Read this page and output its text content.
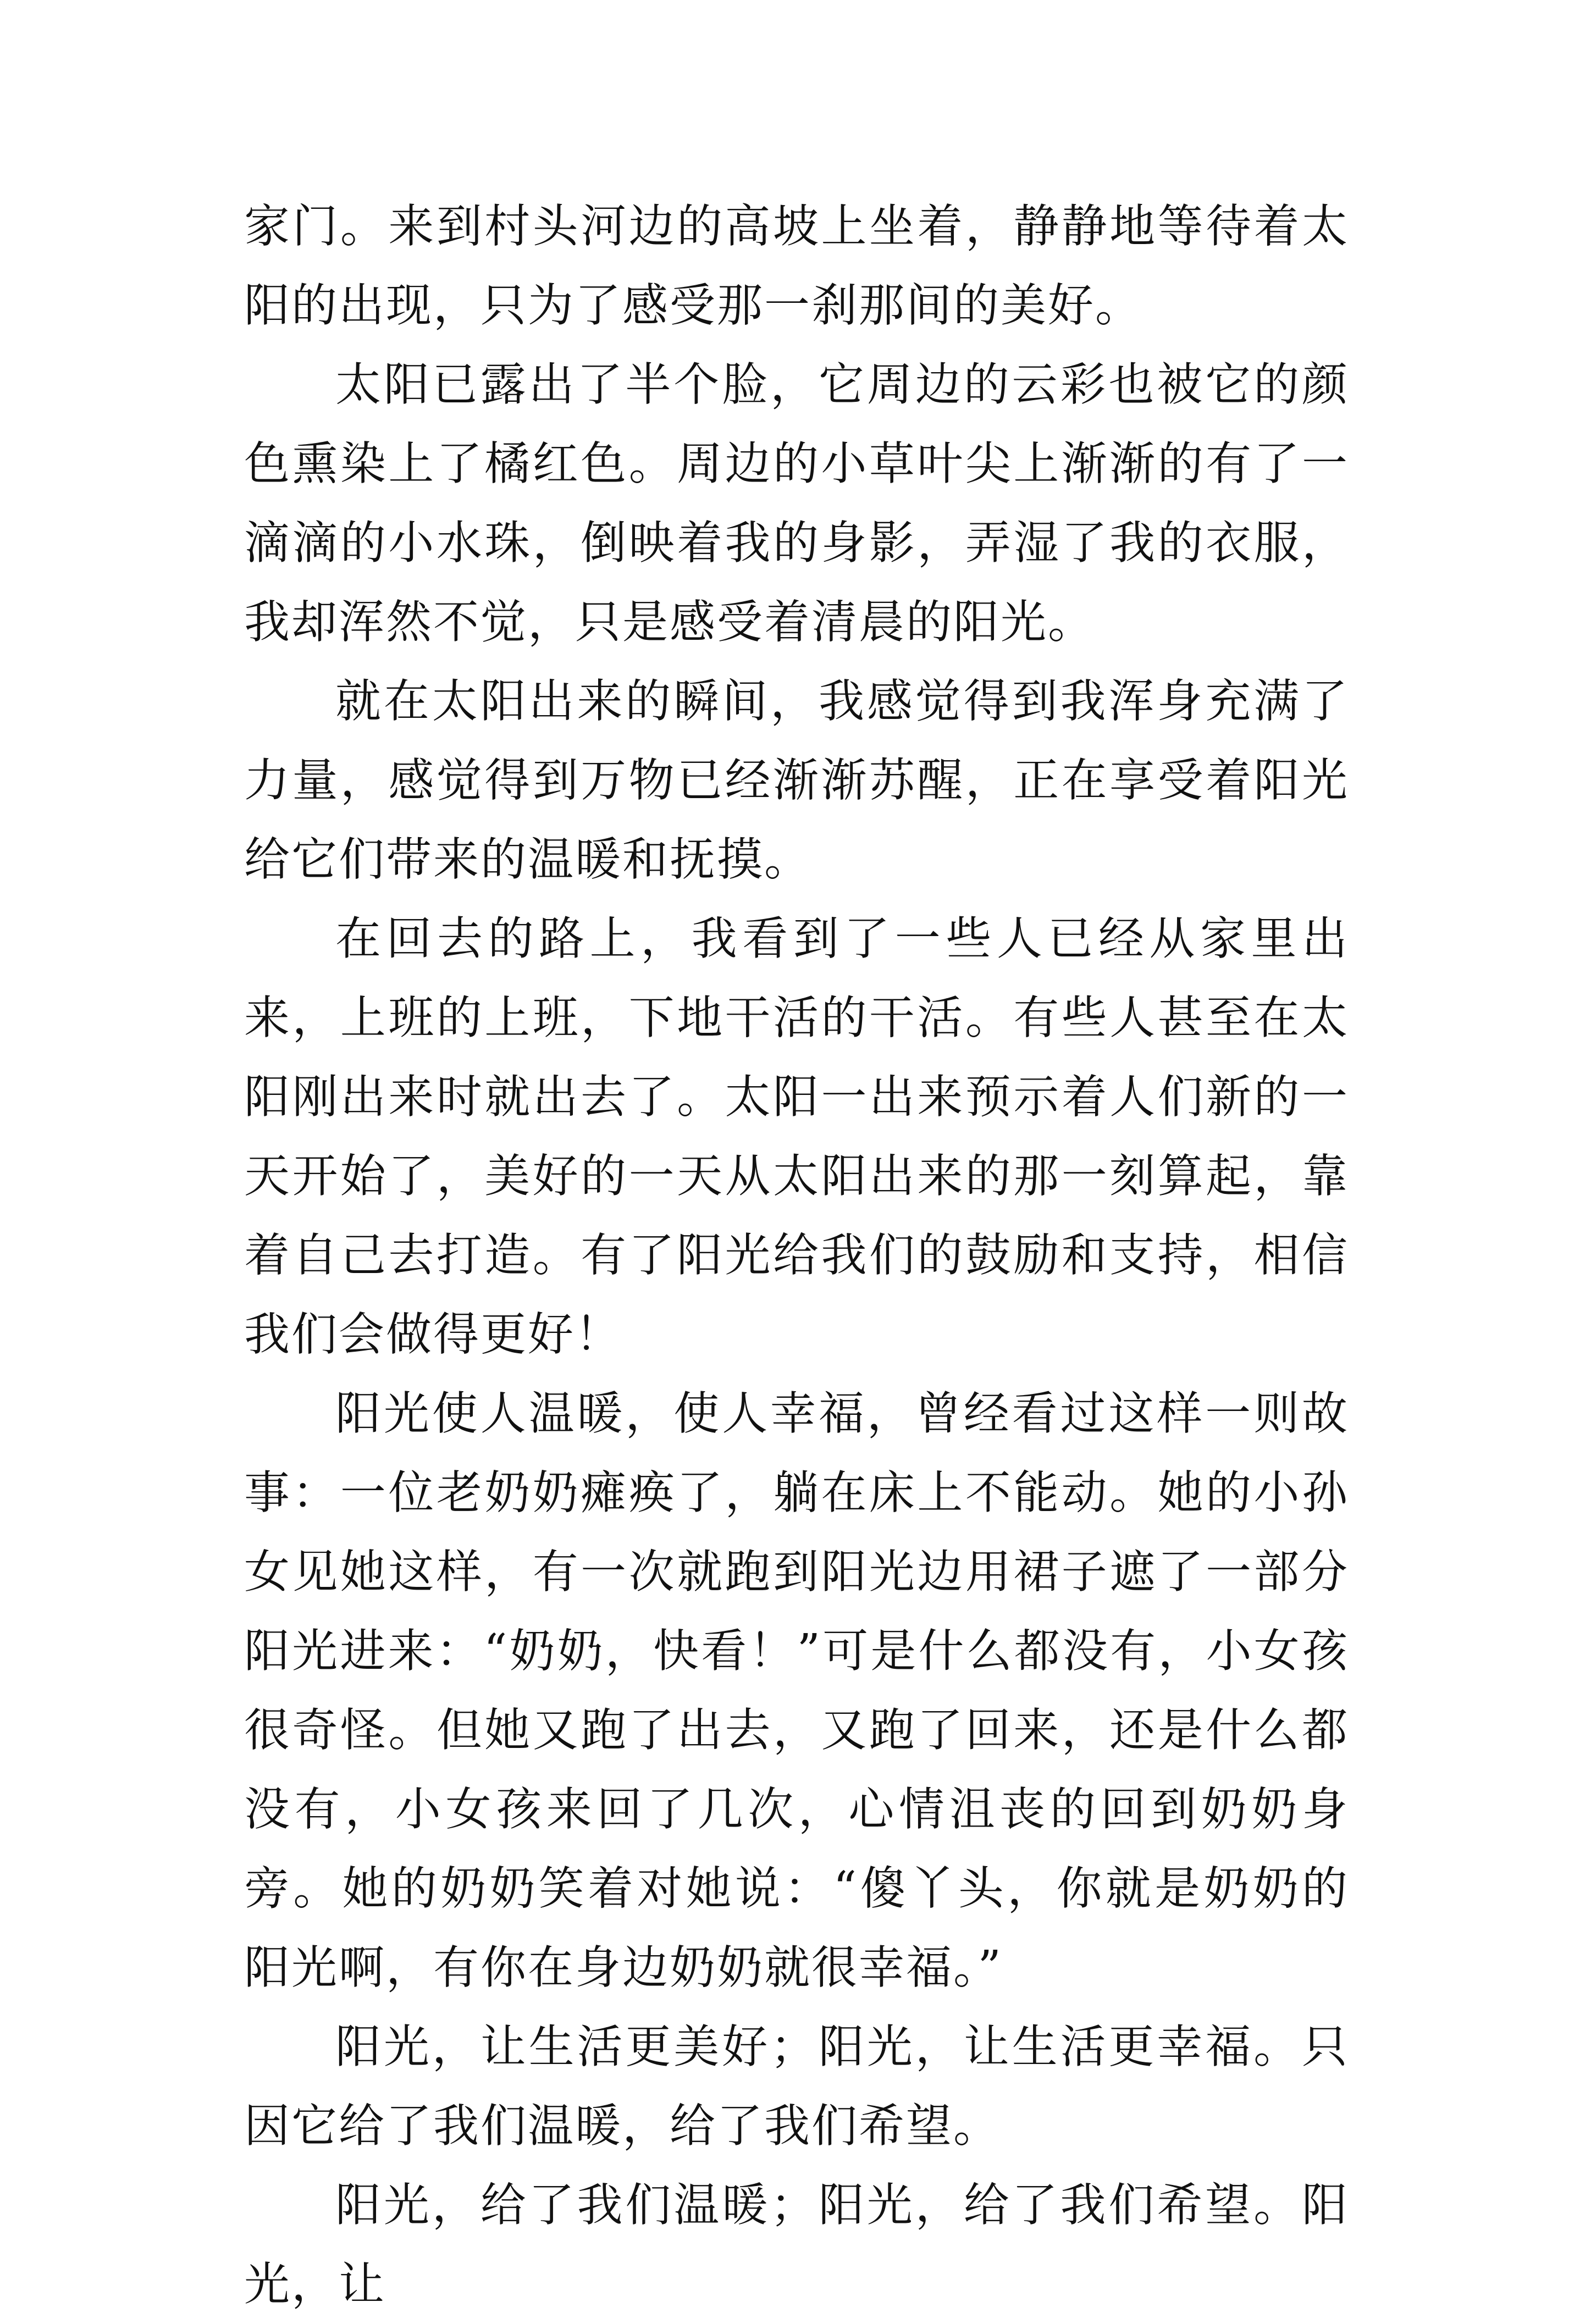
家门。来到村头河边的高坡上坐着，静静地等待着太阳的出现，只为了感受那一刹那间的美好。

太阳已露出了半个脸，它周边的云彩也被它的颜色熏染上了橘红色。周边的小草叶尖上渐渐的有了一滴滴的小水珠，倒映着我的身影，弄湿了我的衣服，我却浑然不觉，只是感受着清晨的阳光。

就在太阳出来的瞬间，我感觉得到我浑身充满了力量，感觉得到万物已经渐渐苏醒，正在享受着阳光给它们带来的温暖和抚摸。

在回去的路上，我看到了一些人已经从家里出来，上班的上班，下地干活的干活。有些人甚至在太阳刚出来时就出去了。太阳一出来预示着人们新的一天开始了，美好的一天从太阳出来的那一刻算起，靠着自己去打造。有了阳光给我们的鼓励和支持，相信我们会做得更好！

阳光使人温暖，使人幸福，曾经看过这样一则故事：一位老奶奶瘫痪了，躺在床上不能动。她的小孙女见她这样，有一次就跑到阳光边用裙子遮了一部分阳光进来：“奶奶，快看！”可是什么都没有，小女孩很奇怪。但她又跑了出去，又跑了回来，还是什么都没有，小女孩来回了几次，心情沮丧的回到奶奶身旁。她的奶奶笑着对她说：“傻丫头，你就是奶奶的阳光啊，有你在身边奶奶就很幸福。”

阳光，让生活更美好；阳光，让生活更幸福。只因它给了我们温暖，给了我们希望。

阳光，给了我们温暖；阳光，给了我们希望。阳光，让
